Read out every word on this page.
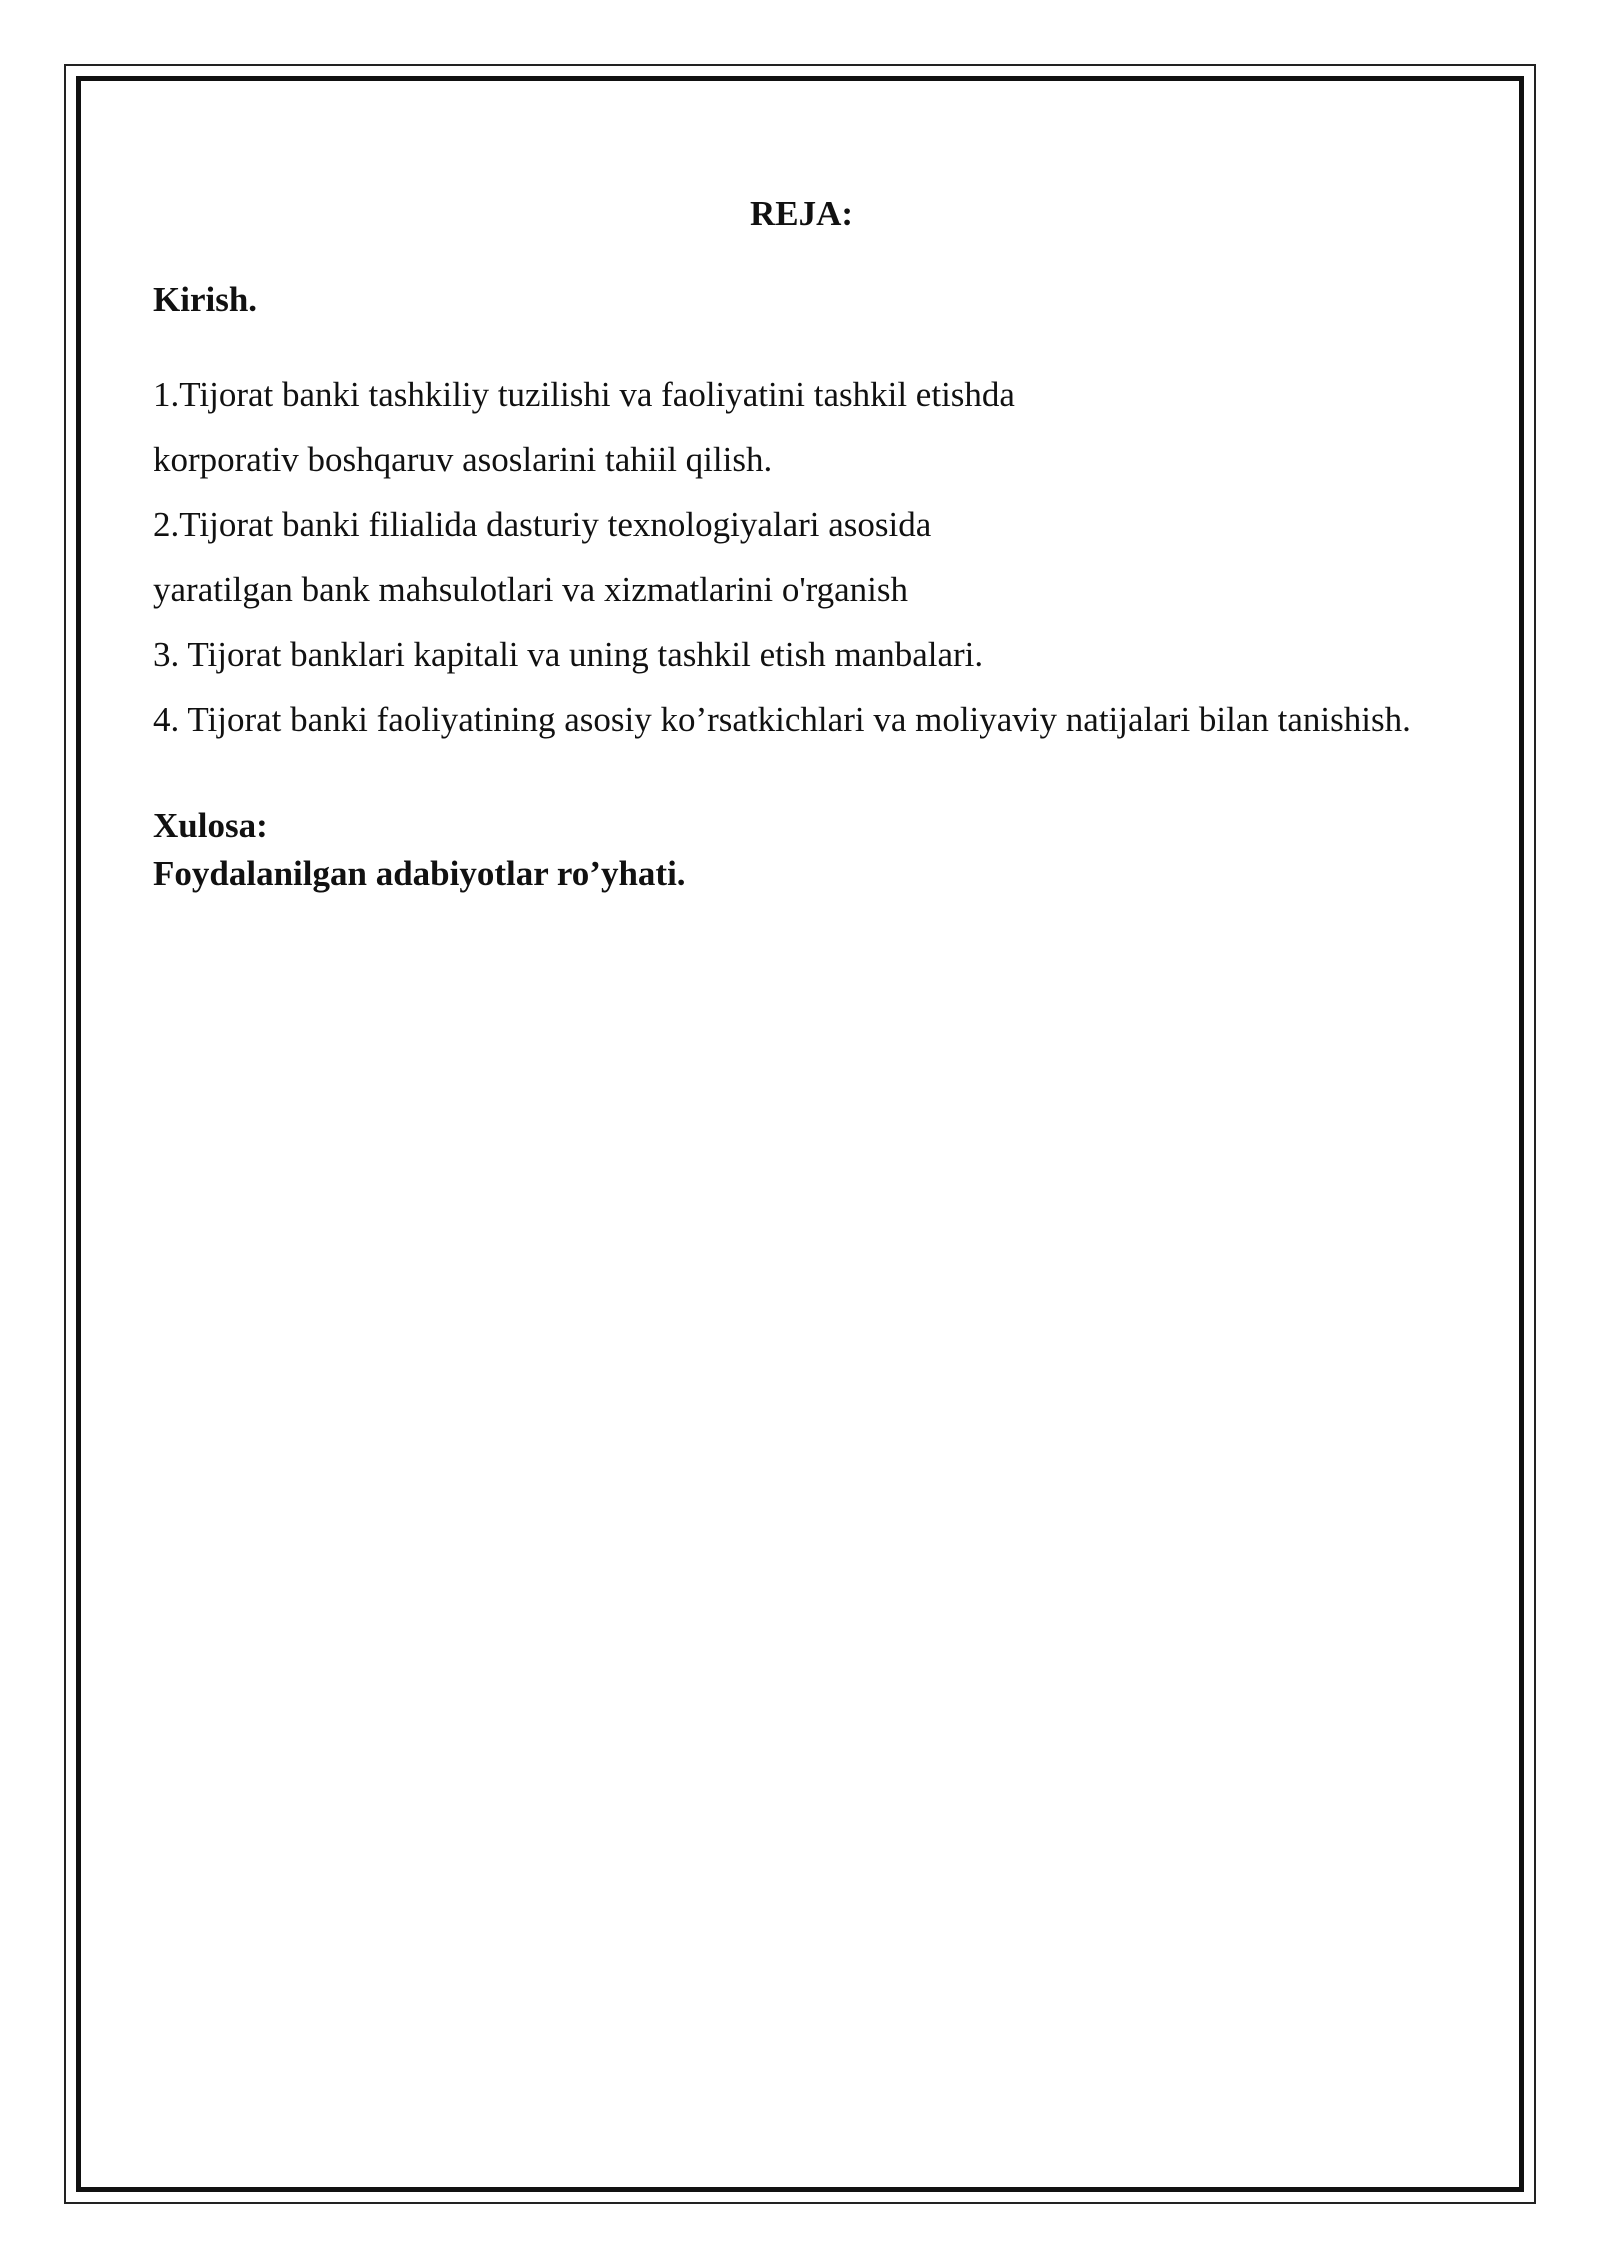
REJA:

Kirish.

1.Tijorat banki tashkiliy tuzilishi va faoliyatini tashkil etishda

korporativ boshqaruv asoslarini tahiil qilish.

2.Tijorat banki filialida dasturiy texnologiyalari asosida

yaratilgan bank mahsulotlari va xizmatlarini o'rganish

3. Tijorat banklari kapitali va uning tashkil etish manbalari.

4. Tijorat banki faoliyatining asosiy ko’rsatkichlari va moliyaviy natijalari bilan tanishish.

Xulosa:

Foydalanilgan adabiyotlar ro’yhati.
